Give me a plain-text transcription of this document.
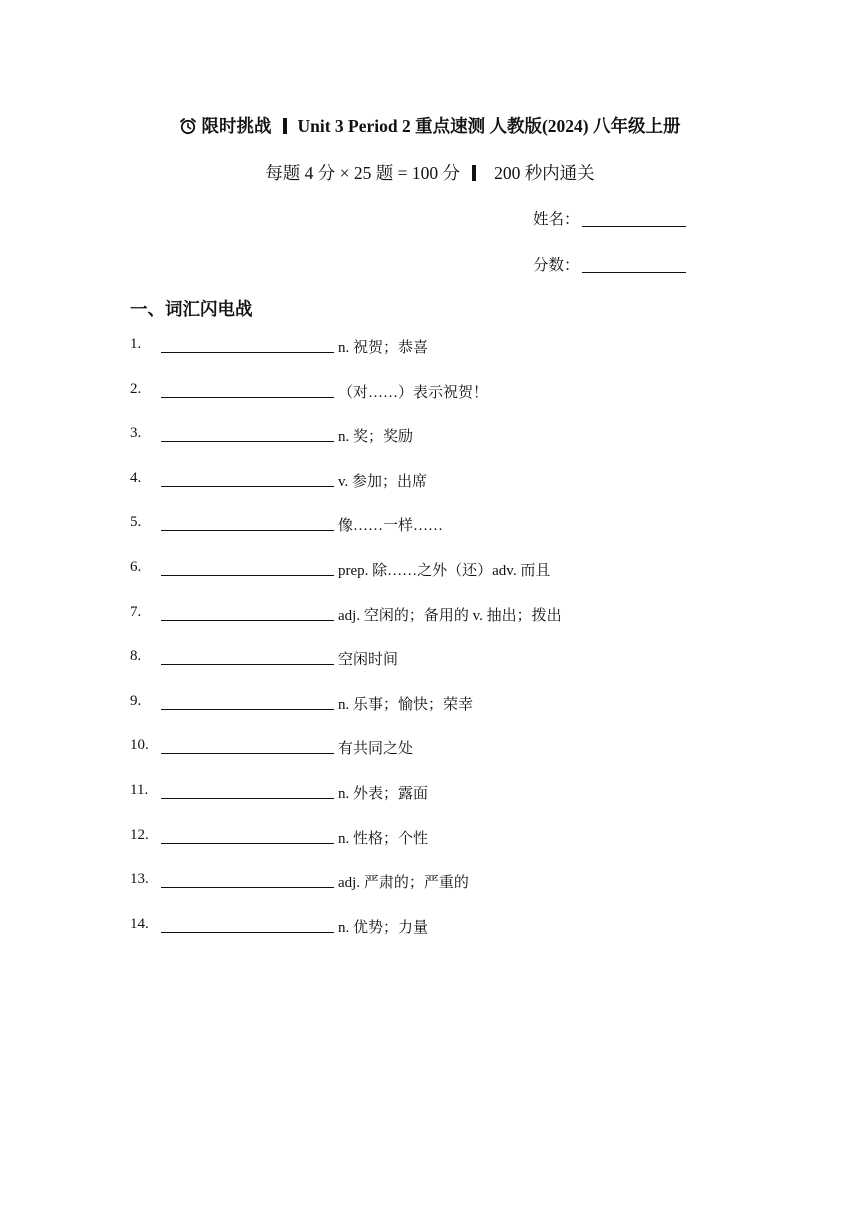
限时挑战 Unit 3 Period 2 重点速测 人教版(2024) 八年级上册
每题 4 分 × 25 题 = 100 分 200 秒内通关
姓名：
分数：
一、词汇闪电战
1.	n. 祝贺；恭喜
2.	（对……）表示祝贺！
3.	n. 奖；奖励
4.	v. 参加；出席
5.	像……一样……
6.	prep. 除……之外（还）adv. 而且
7.	adj. 空闲的；备用的 v. 抽出；拨出
8.	空闲时间
9.	n. 乐事；愉快；荣幸
10.	有共同之处
11.	n. 外表；露面
12.	n. 性格；个性
13.	adj. 严肃的；严重的
14.	n. 优势；力量
